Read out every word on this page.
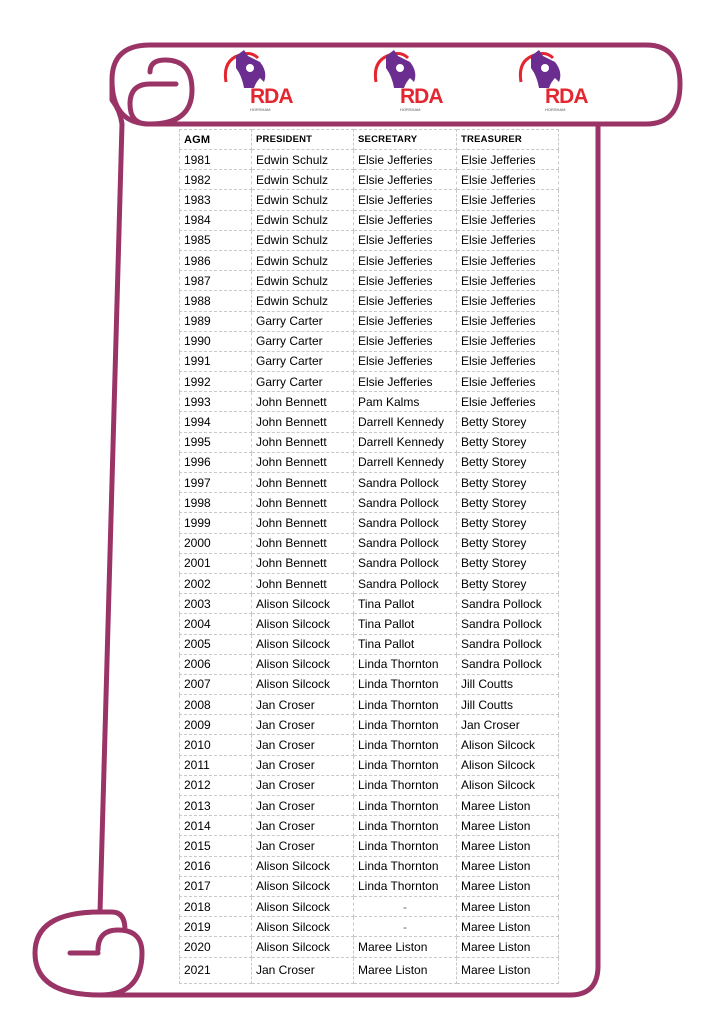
RDA
HORSHAM
RDA
HORSHAM
RDA
HORSHAM
AGM	PRESIDENT	SECRETARY	TREASURER
1981	Edwin Schulz	Elsie Jefferies	Elsie Jefferies
1982	Edwin Schulz	Elsie Jefferies	Elsie Jefferies
1983	Edwin Schulz	Elsie Jefferies	Elsie Jefferies
1984	Edwin Schulz	Elsie Jefferies	Elsie Jefferies
1985	Edwin Schulz	Elsie Jefferies	Elsie Jefferies
1986	Edwin Schulz	Elsie Jefferies	Elsie Jefferies
1987	Edwin Schulz	Elsie Jefferies	Elsie Jefferies
1988	Edwin Schulz	Elsie Jefferies	Elsie Jefferies
1989	Garry Carter	Elsie Jefferies	Elsie Jefferies
1990	Garry Carter	Elsie Jefferies	Elsie Jefferies
1991	Garry Carter	Elsie Jefferies	Elsie Jefferies
1992	Garry Carter	Elsie Jefferies	Elsie Jefferies
1993	John Bennett	Pam Kalms	Elsie Jefferies
1994	John Bennett	Darrell Kennedy	Betty Storey
1995	John Bennett	Darrell Kennedy	Betty Storey
1996	John Bennett	Darrell Kennedy	Betty Storey
1997	John Bennett	Sandra Pollock	Betty Storey
1998	John Bennett	Sandra Pollock	Betty Storey
1999	John Bennett	Sandra Pollock	Betty Storey
2000	John Bennett	Sandra Pollock	Betty Storey
2001	John Bennett	Sandra Pollock	Betty Storey
2002	John Bennett	Sandra Pollock	Betty Storey
2003	Alison Silcock	Tina Pallot	Sandra Pollock
2004	Alison Silcock	Tina Pallot	Sandra Pollock
2005	Alison Silcock	Tina Pallot	Sandra Pollock
2006	Alison Silcock	Linda Thornton	Sandra Pollock
2007	Alison Silcock	Linda Thornton	Jill Coutts
2008	Jan Croser	Linda Thornton	Jill Coutts
2009	Jan Croser	Linda Thornton	Jan Croser
2010	Jan Croser	Linda Thornton	Alison Silcock
2011	Jan Croser	Linda Thornton	Alison Silcock
2012	Jan Croser	Linda Thornton	Alison Silcock
2013	Jan Croser	Linda Thornton	Maree Liston
2014	Jan Croser	Linda Thornton	Maree Liston
2015	Jan Croser	Linda Thornton	Maree Liston
2016	Alison Silcock	Linda Thornton	Maree Liston
2017	Alison Silcock	Linda Thornton	Maree Liston
2018	Alison Silcock	-	Maree Liston
2019	Alison Silcock	-	Maree Liston
2020	Alison Silcock	Maree Liston	Maree Liston
2021	Jan Croser	Maree Liston	Maree Liston
